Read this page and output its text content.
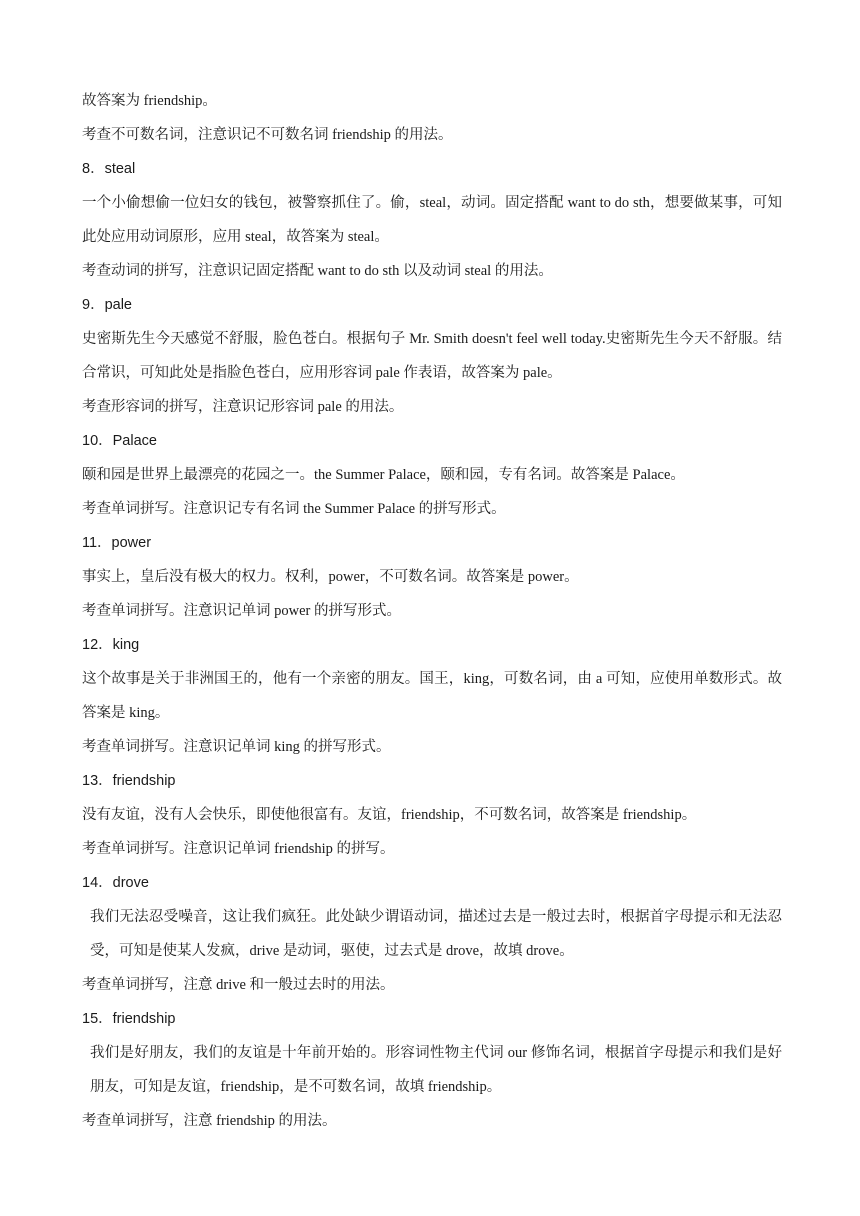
故答案为 friendship。
考查不可数名词，注意识记不可数名词 friendship 的用法。
8．steal
一个小偷想偷一位妇女的钱包，被警察抓住了。偷，steal，动词。固定搭配 want to do sth，想要做某事，可知此处应用动词原形，应用 steal，故答案为 steal。
考查动词的拼写，注意识记固定搭配 want to do sth 以及动词 steal 的用法。
9．pale
史密斯先生今天感觉不舒服，脸色苍白。根据句子 Mr. Smith doesn't feel well today.史密斯先生今天不舒服。结合常识，可知此处是指脸色苍白，应用形容词 pale 作表语，故答案为 pale。
考查形容词的拼写，注意识记形容词 pale 的用法。
10．Palace
颐和园是世界上最漂亮的花园之一。the Summer Palace，颐和园，专有名词。故答案是 Palace。
考查单词拼写。注意识记专有名词 the Summer Palace 的拼写形式。
11．power
事实上，皇后没有极大的权力。权利，power，不可数名词。故答案是 power。
考查单词拼写。注意识记单词 power 的拼写形式。
12．king
这个故事是关于非洲国王的，他有一个亲密的朋友。国王，king，可数名词，由 a 可知，应使用单数形式。故答案是 king。
考查单词拼写。注意识记单词 king 的拼写形式。
13．friendship
没有友谊，没有人会快乐，即使他很富有。友谊，friendship，不可数名词，故答案是 friendship。
考查单词拼写。注意识记单词 friendship 的拼写。
14．drove
我们无法忍受噪音，这让我们疯狂。此处缺少谓语动词，描述过去是一般过去时，根据首字母提示和无法忍受，可知是使某人发疯，drive 是动词，驱使，过去式是 drove，故填 drove。
考查单词拼写，注意 drive 和一般过去时的用法。
15．friendship
我们是好朋友，我们的友谊是十年前开始的。形容词性物主代词 our 修饰名词，根据首字母提示和我们是好朋友，可知是友谊，friendship，是不可数名词，故填 friendship。
考查单词拼写，注意 friendship 的用法。
